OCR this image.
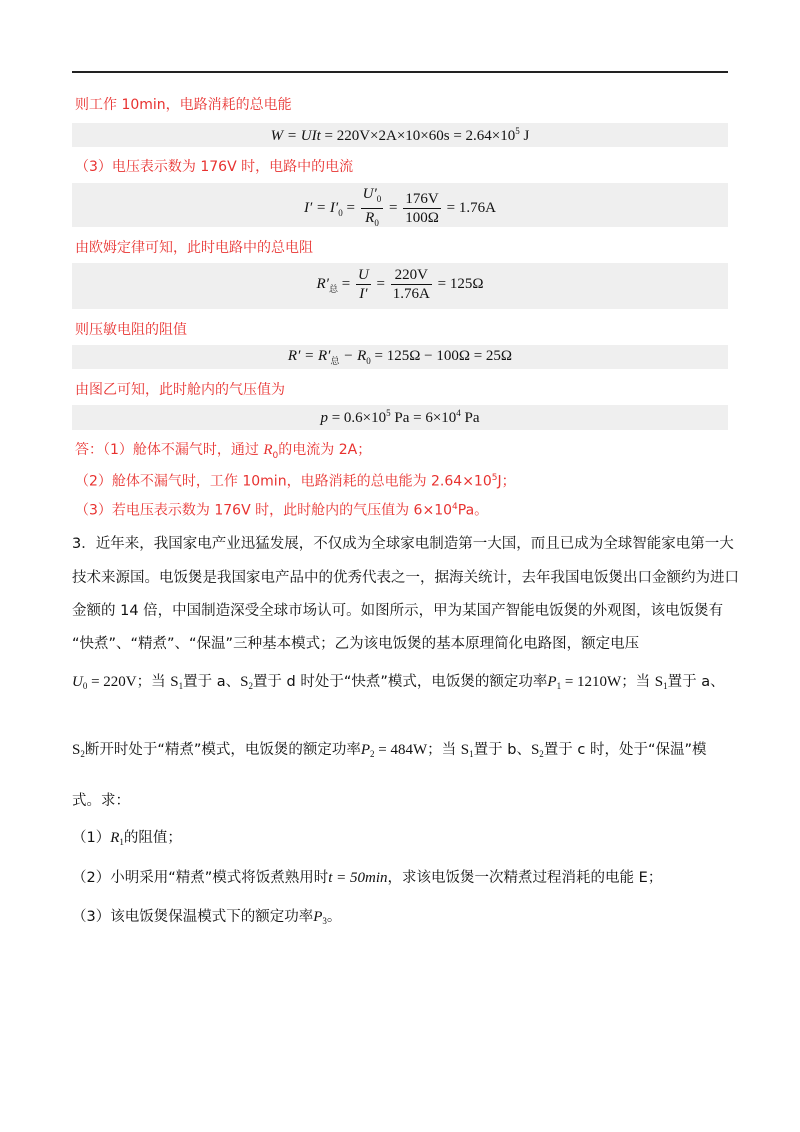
则工作 10min，电路消耗的总电能
W = UIt = $220V\times 2A\times 10\times 60s = 2.64\times 10^5$ J
（3）电压表示数为 176V 时，电路中的电流
$I' = I'_0 = \frac{U'_0}{R_0} = \frac{176V}{100\Omega} = 1.76A$
由欧姆定律可知，此时电路中的总电阻
$R'_总 = \frac{U}{I'} = \frac{220V}{1.76A} = 125\Omega$
则压敏电阻的阻值
$R' = R'_总 - R_0 = 125\Omega - 100\Omega = 25\Omega$
由图乙可知，此时舱内的气压值为
$p = 0.6\times 10^5$ $Pa = 6\times 10^4$ Pa
答：（1）舱体不漏气时，通过 $R_0$的电流为 2A；
（2）舱体不漏气时，工作 10min，电路消耗的总电能为 $2.64\times 10^5J$；
（3）若电压表示数为 176V 时，此时舱内的气压值为 $6\times 10^4Pa$。
3．近年来，我国家电产业迅猛发展，不仅成为全球家电制造第一大国，而且已成为全球智能家电第一大
技术来源国。电饭煲是我国家电产品中的优秀代表之一，据海关统计，去年我国电饭煲出口金额约为进口
金额的 14 倍，中国制造深受全球市场认可。如图所示，甲为某国产智能电饭煲的外观图，该电饭煲有
“快煮”、“精煮”、“保温”三种基本模式；乙为该电饭煲的基本原理简化电路图，额定电压
$U_0 = 220V$；当 $S_1$置于 a、$S_2$置于 d 时处于“快煮”模式，电饭煲的额定功率$P_1 = 1210W$；当 $S_1$置于 a、
$S_2$断开时处于“精煮”模式，电饭煲的额定功率$P_2 = 484W$；当 $S_1$置于 b、$S_2$置于 c 时，处于“保温”模
式。求：
$(1)R_1$的阻值；
（2）小明采用“精煮”模式将饭煮熟用时t = 50min，求该电饭煲一次精煮过程消耗的电能 E；
（3）该电饭煲保温模式下的额定功率$P_3$。
